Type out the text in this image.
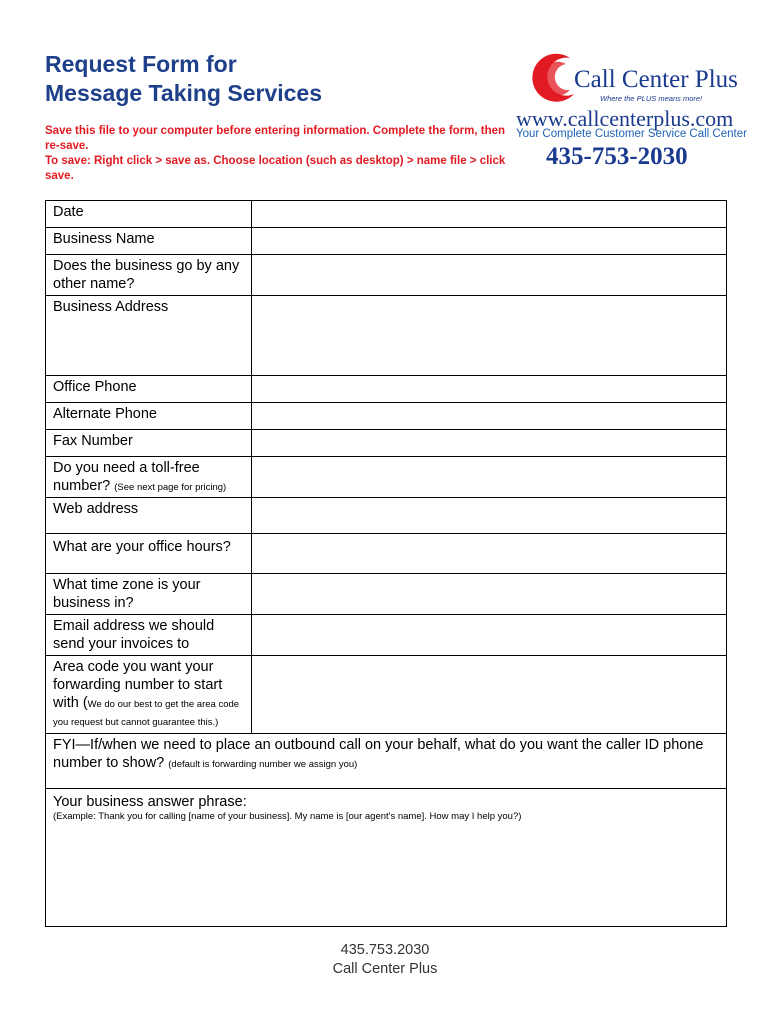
Request Form for
Message Taking Services
Save this file to your computer before entering information. Complete the form, then re-save.
To save: Right click > save as. Choose location (such as desktop) > name file > click save.
Call Center Plus
Where the PLUS means more!
www.callcenterplus.com
Your Complete Customer Service Call Center
435-753-2030
Date	
Business Name	
Does the business go by any other name?	
Business Address	
Office Phone	
Alternate Phone	
Fax Number	
Do you need a toll-free number? (See next page for pricing)	
Web address	
What are your office hours?	
What time zone is your business in?	
Email address we should send your invoices to	
Area code you want your forwarding number to start with (We do our best to get the area code you request but cannot guarantee this.)	
FYI—If/when we need to place an outbound call on your behalf, what do you want the caller ID phone number to show? (default is forwarding number we assign you)	

Your business answer phrase:
(Example: Thank you for calling [name of your business]. My name is [our agent's name]. How may I help you?)	
435.753.2030
Call Center Plus
